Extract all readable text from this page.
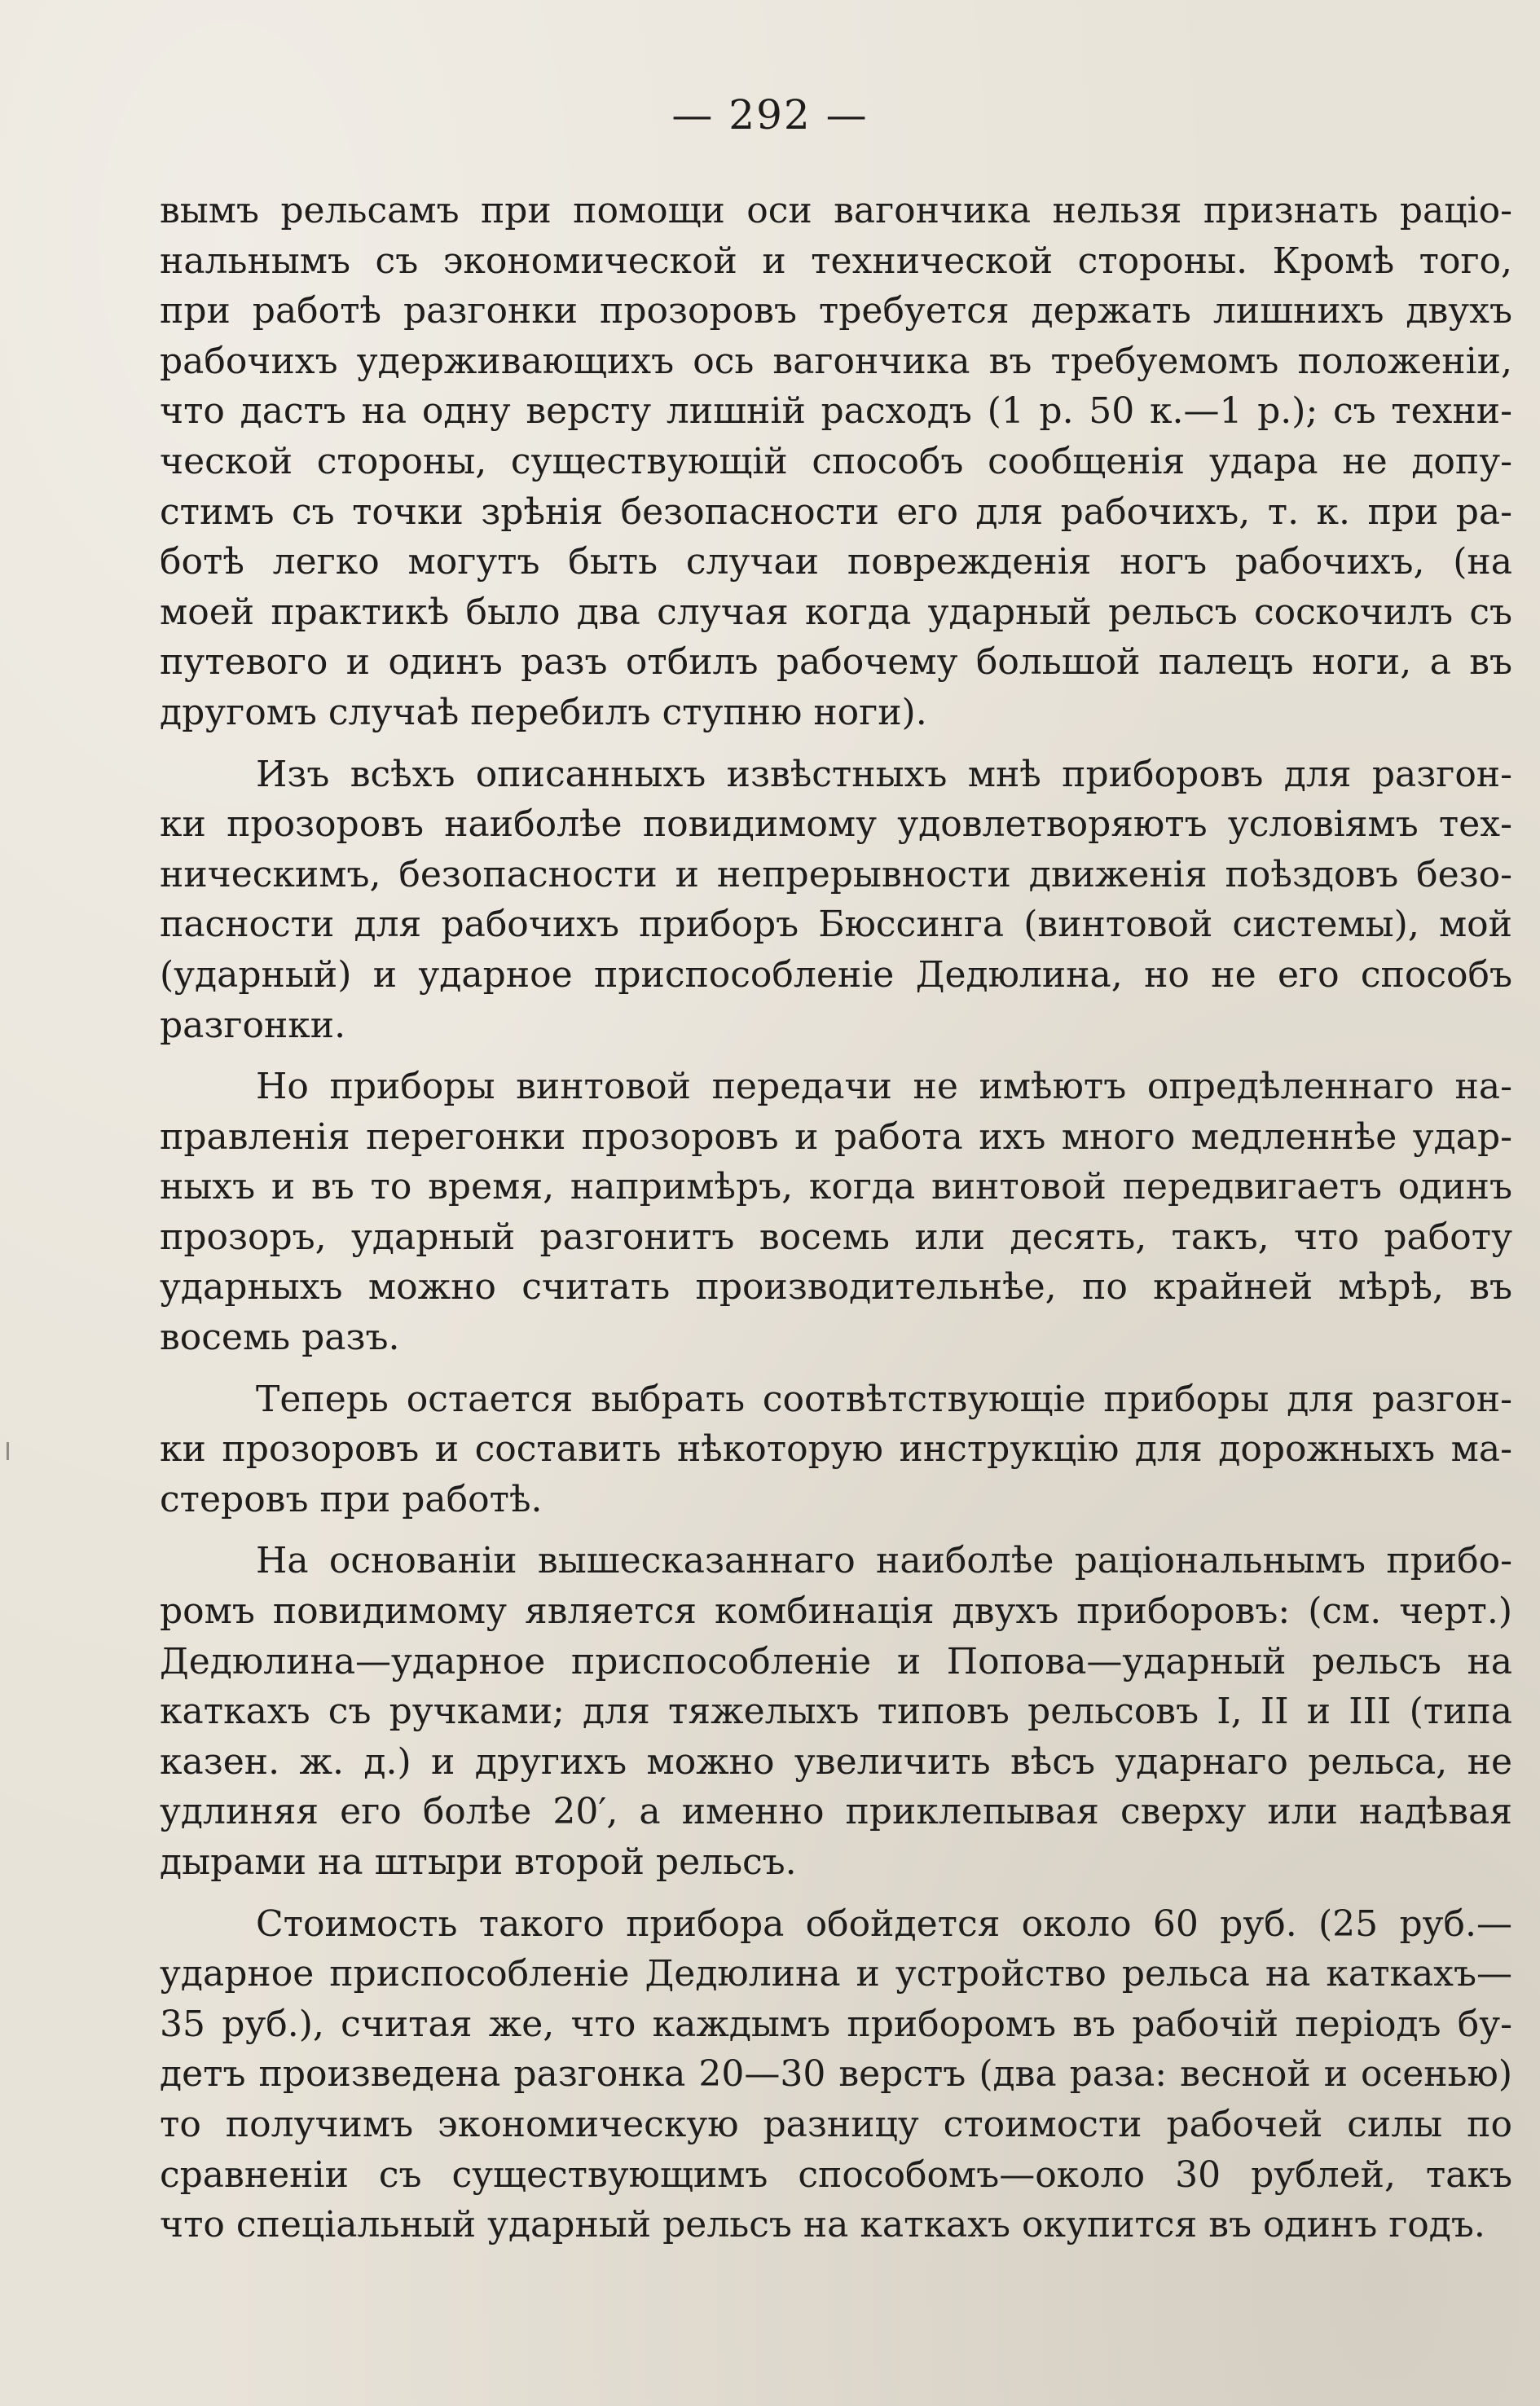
— 292 —
вымъ рельсамъ при помощи оси вагончика нельзя признать раціо-
нальнымъ съ экономической и технической стороны. Кромѣ того,
при работѣ разгонки прозоровъ требуется держать лишнихъ двухъ
рабочихъ удерживающихъ ось вагончика въ требуемомъ положеніи,
что дастъ на одну версту лишній расходъ (1 р. 50 к.—1 р.); съ техни-
ческой стороны, существующій способъ сообщенія удара не допу-
стимъ съ точки зрѣнія безопасности его для рабочихъ, т. к. при ра-
ботѣ легко могутъ быть случаи поврежденія ногъ рабочихъ, (на
моей практикѣ было два случая когда ударный рельсъ соскочилъ съ
путевого и одинъ разъ отбилъ рабочему большой палецъ ноги, а въ
другомъ случаѣ перебилъ ступню ноги).
Изъ всѣхъ описанныхъ извѣстныхъ мнѣ приборовъ для разгон-
ки прозоровъ наиболѣе повидимому удовлетворяютъ условіямъ тех-
ническимъ, безопасности и непрерывности движенія поѣздовъ безо-
пасности для рабочихъ приборъ Бюссинга (винтовой системы), мой
(ударный) и ударное приспособленіе Дедюлина, но не его способъ
разгонки.
Но приборы винтовой передачи не имѣютъ опредѣленнаго на-
правленія перегонки прозоровъ и работа ихъ много медленнѣе удар-
ныхъ и въ то время, напримѣръ, когда винтовой передвигаетъ одинъ
прозоръ, ударный разгонитъ восемь или десять, такъ, что работу
ударныхъ можно считать производительнѣе, по крайней мѣрѣ, въ
восемь разъ.
Теперь остается выбрать соотвѣтствующіе приборы для разгон-
ки прозоровъ и составить нѣкоторую инструкцію для дорожныхъ ма-
стеровъ при работѣ.
На основаніи вышесказаннаго наиболѣе раціональнымъ прибо-
ромъ повидимому является комбинація двухъ приборовъ: (см. черт.)
Дедюлина—ударное приспособленіе и Попова—ударный рельсъ на
каткахъ съ ручками; для тяжелыхъ типовъ рельсовъ I, II и III (типа
казен. ж. д.) и другихъ можно увеличить вѣсъ ударнаго рельса, не
удлиняя его болѣе 20′, а именно приклепывая сверху или надѣвая
дырами на штыри второй рельсъ.
Стоимость такого прибора обойдется около 60 руб. (25 руб.—
ударное приспособленіе Дедюлина и устройство рельса на каткахъ—
35 руб.), считая же, что каждымъ приборомъ въ рабочій періодъ бу-
детъ произведена разгонка 20—30 верстъ (два раза: весной и осенью)
то получимъ экономическую разницу стоимости рабочей силы по
сравненіи съ существующимъ способомъ—около 30 рублей, такъ
что спеціальный ударный рельсъ на каткахъ окупится въ одинъ годъ.
